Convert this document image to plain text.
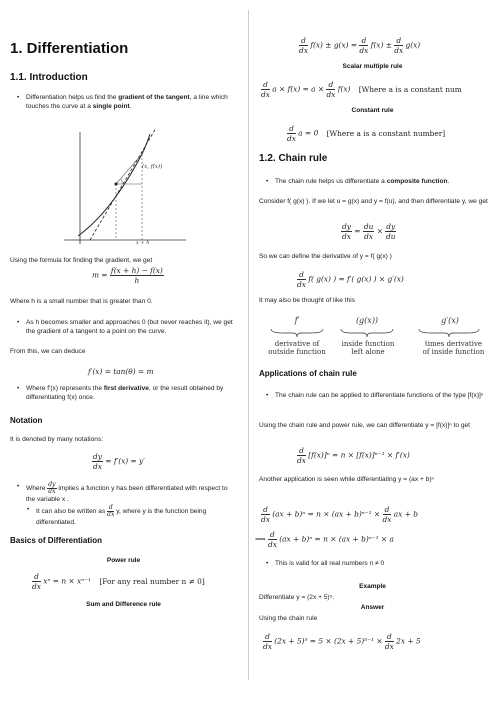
1. Differentiation
1.1. Introduction
• Differentiation helps us find the gradient of the tangent, a line which touches the curve at a single point.
(x, f(x))
x + h
Using the formula for finding the gradient, we get
$m = \frac{f(x + h) - f(x)}{h}$
Where h is a small number that is greater than 0.
• As h becomes smaller and approaches 0 (but never reaches it), we get the gradient of a tangent to a point on the curve.
From this, we can deduce
f′(x) = tan(θ) = m
• Where f′(x) represents the first derivative, or the result obtained by differentiating f(x) once.
Notation
It is denoted by many notations:
$\frac{dy}{dx} = f'(x) = y'$
• Where $\frac{dy}{dx}$ implies a function y has been differentiated with respect to the variable x .
• It can also be written as $\frac{d}{dx} y$, where y is the function being differentiated.
Basics of Differentiation
Power rule
$\frac{d}{dx}$ xⁿ = n × xⁿ⁻¹ [For any real number n ≠ 0]
Sum and Difference rule
$\frac{d}{dx} f(x) \pm g(x) = \frac{d}{dx} f(x) \pm \frac{d}{dx} g(x)$
Scalar multiple rule
$\frac{d}{dx}$ $a \times f(x) = a \times \frac{d}{dx} f(x)$ [Where a is a constant num
Constant rule
$\frac{d}{dx}$ a = 0 [Where a is a constant number]
1.2. Chain rule
• The chain rule helps us differentiate a composite function.
Consider f( g(x) ). If we let u = g(x) and y = f(u), and then differentiate y, we get
$\frac{dy}{dx} = \frac{du}{dx} \times \frac{dy}{du}$
So we can define the derivative of y = f( g(x) )
$\frac{d}{dx} f$( g(x) ) = f′( g(x) ) × g′(x)
It may also be thought of like this
f′	(g(x))	g′(x)
derivative of
outside function
inside function
left alone
times derivative
of inside function
Applications of chain rule
• The chain rule can be applied to differentiate functions of the type [f(x)]ⁿ
Using the chain rule and power rule, we can differentiate y = [f(x)]ⁿ to get
$\frac{d}{dx} [f(x)]^n = n \times [f(x)]^{n-1} \times f'(x)$
Another application is seen while differentiating y = (ax + b)ⁿ
$\frac{d}{dx} (ax + b)^n = n \times (ax + b)^{n-1} \times \frac{d}{dx}$ ax + b
⟹ $\frac{d}{dx} (ax + b)^n = n \times (ax + b)^{n-1} \times a$
• This is valid for all real numbers n ≠ 0
Example
Differentiate y = (2x + 5)⁵.
Answer
Using the chain rule
$\frac{d}{dx} (2x + 5)^5 = 5 \times (2x + 5)^{5-1} \times \frac{d}{dx} 2x + 5$
